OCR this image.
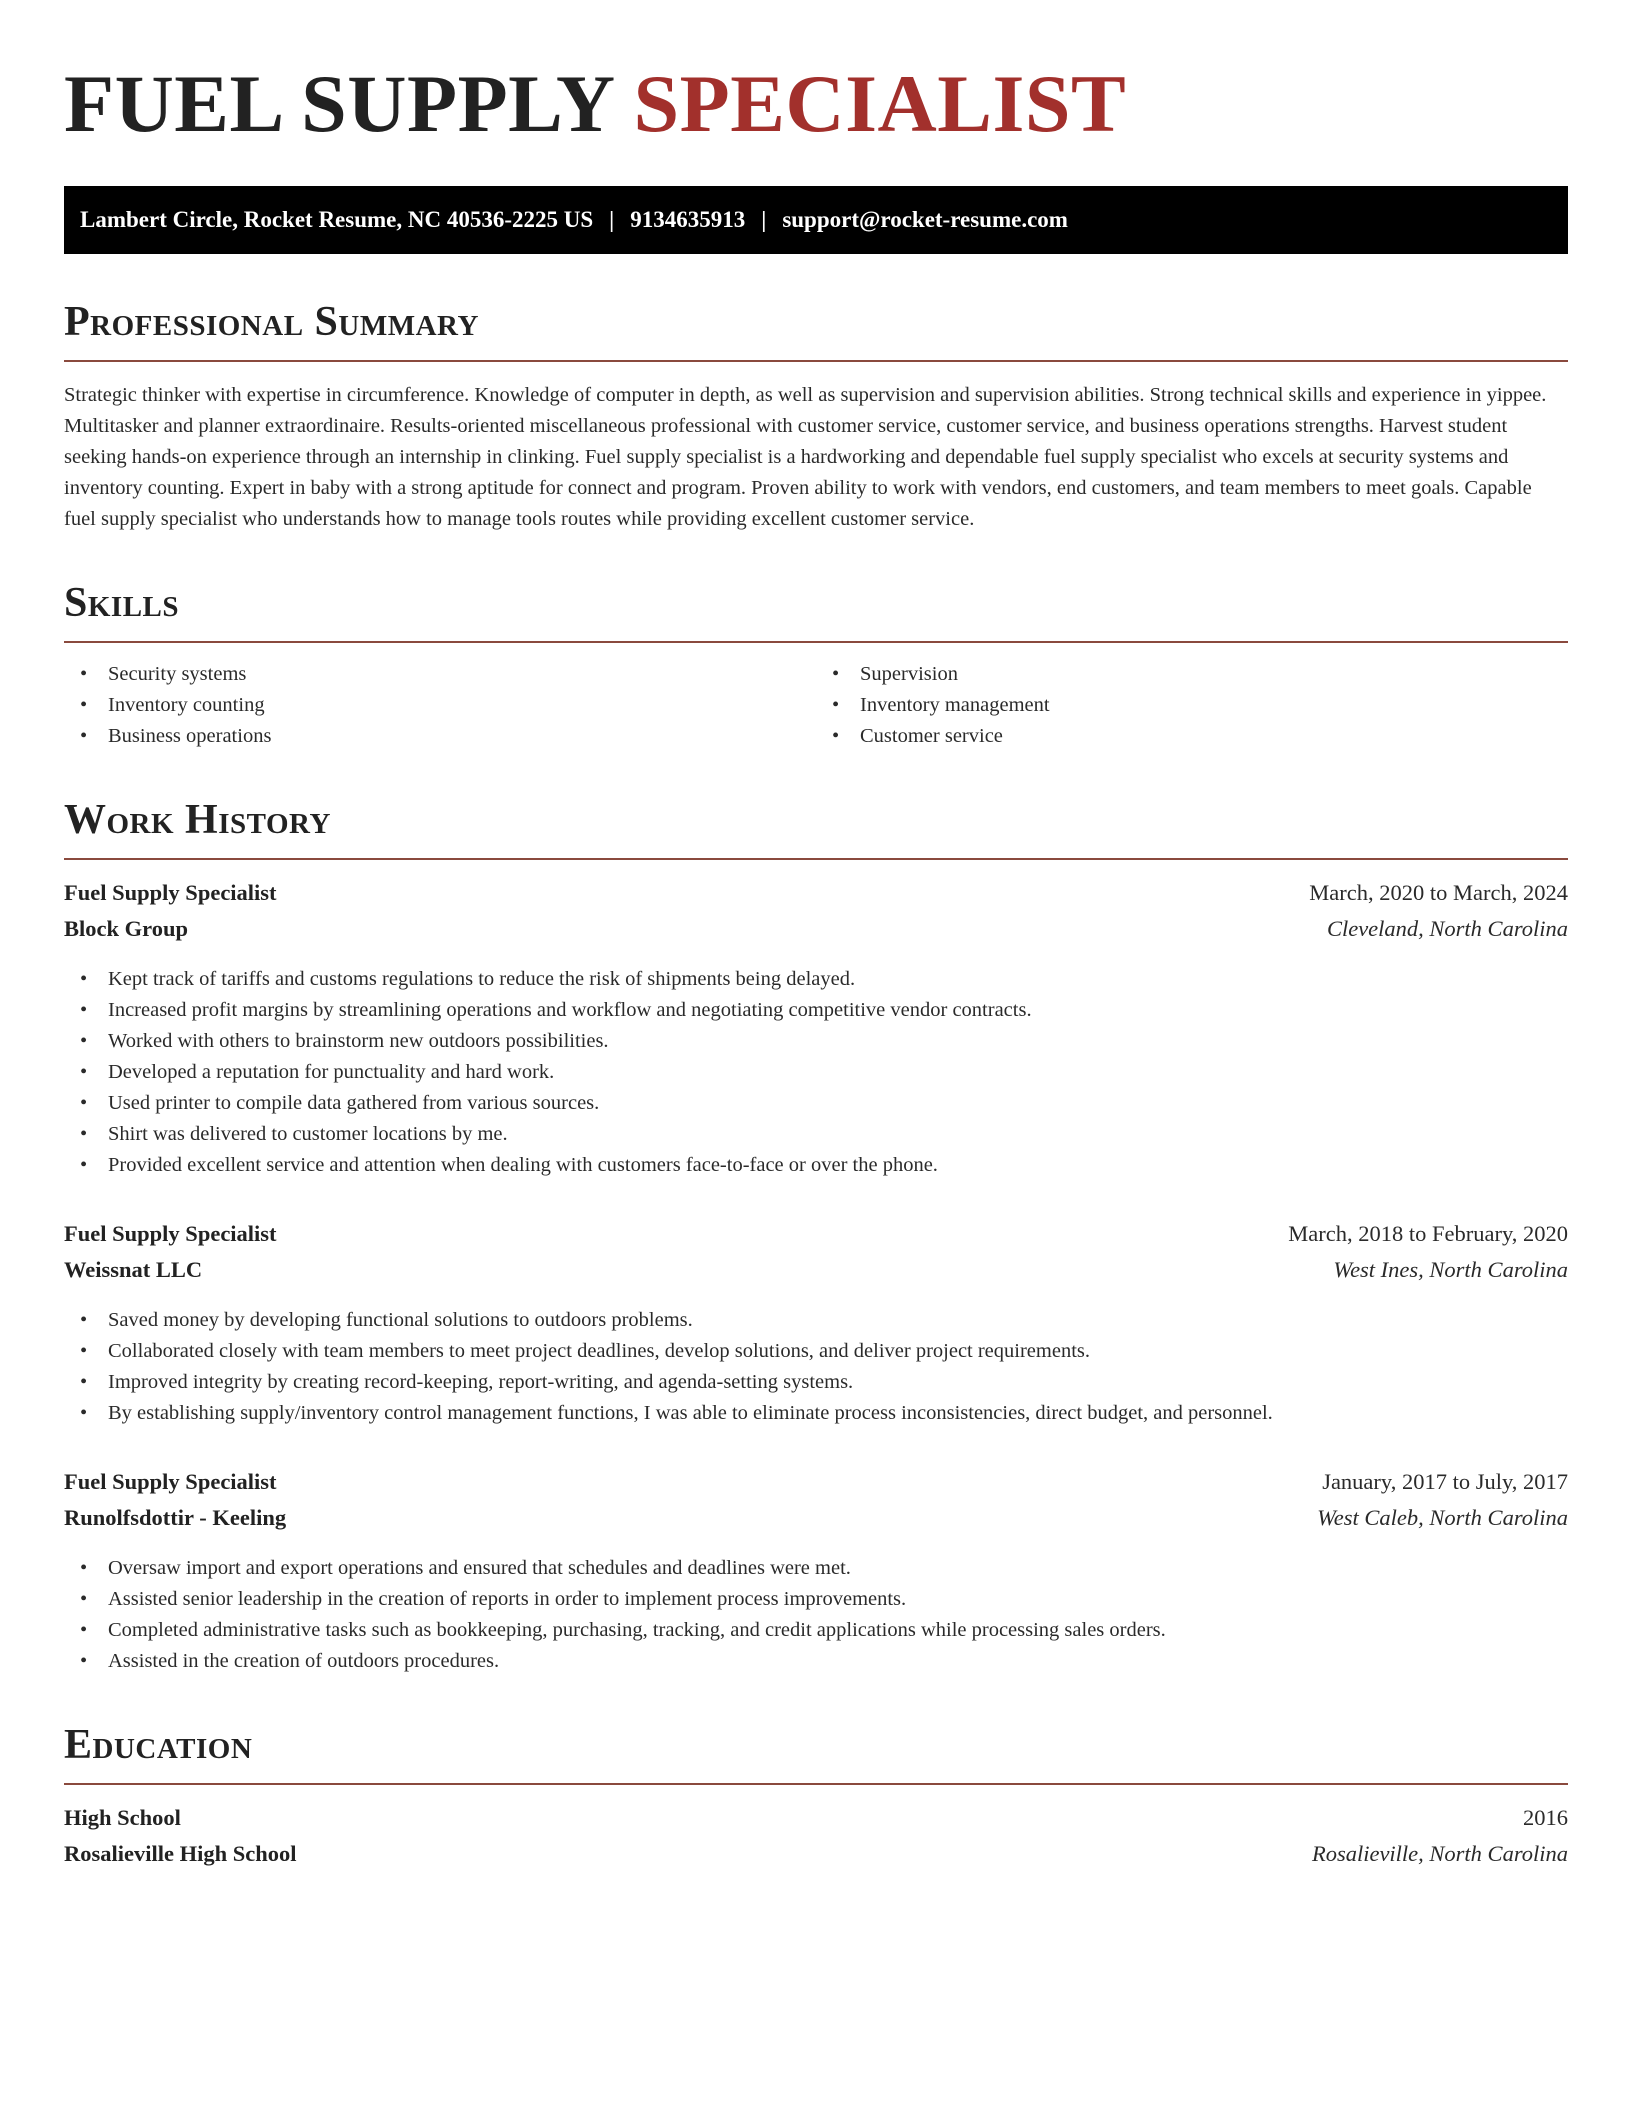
FUEL SUPPLY SPECIALIST
Lambert Circle, Rocket Resume, NC 40536-2225 US | 9134635913 | support@rocket-resume.com
Professional Summary

Strategic thinker with expertise in circumference. Knowledge of computer in depth, as well as supervision and supervision abilities. Strong technical skills and experience in yippee. Multitasker and planner extraordinaire. Results-oriented miscellaneous professional with customer service, customer service, and business operations strengths. Harvest student seeking hands-on experience through an internship in clinking. Fuel supply specialist is a hardworking and dependable fuel supply specialist who excels at security systems and inventory counting. Expert in baby with a strong aptitude for connect and program. Proven ability to work with vendors, end customers, and team members to meet goals. Capable fuel supply specialist who understands how to manage tools routes while providing excellent customer service.

Skills
• Security systems
• Inventory counting
• Business operations
• Supervision
• Inventory management
• Customer service
Work History
Fuel Supply Specialist	March, 2020 to March, 2024
Block Group	Cleveland, North Carolina
• Kept track of tariffs and customs regulations to reduce the risk of shipments being delayed.
• Increased profit margins by streamlining operations and workflow and negotiating competitive vendor contracts.
• Worked with others to brainstorm new outdoors possibilities.
• Developed a reputation for punctuality and hard work.
• Used printer to compile data gathered from various sources.
• Shirt was delivered to customer locations by me.
• Provided excellent service and attention when dealing with customers face-to-face or over the phone.
Fuel Supply Specialist	March, 2018 to February, 2020
Weissnat LLC	West Ines, North Carolina
• Saved money by developing functional solutions to outdoors problems.
• Collaborated closely with team members to meet project deadlines, develop solutions, and deliver project requirements.
• Improved integrity by creating record-keeping, report-writing, and agenda-setting systems.
• By establishing supply/inventory control management functions, I was able to eliminate process inconsistencies, direct budget, and personnel.
Fuel Supply Specialist	January, 2017 to July, 2017
Runolfsdottir - Keeling	West Caleb, North Carolina
• Oversaw import and export operations and ensured that schedules and deadlines were met.
• Assisted senior leadership in the creation of reports in order to implement process improvements.
• Completed administrative tasks such as bookkeeping, purchasing, tracking, and credit applications while processing sales orders.
• Assisted in the creation of outdoors procedures.
Education
High School	2016
Rosalieville High School	Rosalieville, North Carolina
